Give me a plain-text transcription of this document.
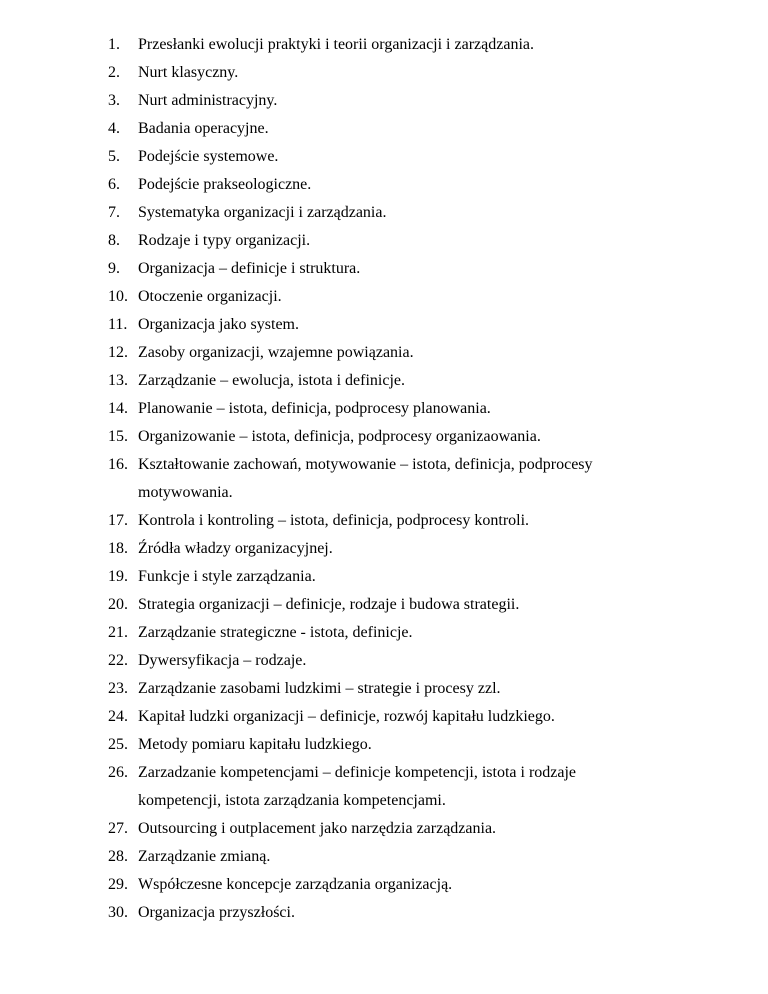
1. Przesłanki ewolucji praktyki i teorii organizacji i zarządzania.
2. Nurt klasyczny.
3. Nurt administracyjny.
4. Badania operacyjne.
5. Podejście systemowe.
6. Podejście prakseologiczne.
7. Systematyka organizacji i zarządzania.
8. Rodzaje i typy organizacji.
9. Organizacja – definicje i struktura.
10. Otoczenie organizacji.
11. Organizacja jako system.
12. Zasoby organizacji, wzajemne powiązania.
13. Zarządzanie – ewolucja, istota i definicje.
14. Planowanie – istota, definicja, podprocesy planowania.
15. Organizowanie – istota, definicja, podprocesy organizaowania.
16. Kształtowanie zachowań, motywowanie – istota, definicja, podprocesy
motywowania.
17. Kontrola i kontroling – istota, definicja, podprocesy kontroli.
18. Źródła władzy organizacyjnej.
19. Funkcje i style zarządzania.
20. Strategia organizacji – definicje, rodzaje i budowa strategii.
21. Zarządzanie strategiczne - istota, definicje.
22. Dywersyfikacja – rodzaje.
23. Zarządzanie zasobami ludzkimi – strategie i procesy zzl.
24. Kapitał ludzki organizacji – definicje, rozwój kapitału ludzkiego.
25. Metody pomiaru kapitału ludzkiego.
26. Zarzadzanie kompetencjami – definicje kompetencji, istota i rodzaje
kompetencji, istota zarządzania kompetencjami.
27. Outsourcing i outplacement jako narzędzia zarządzania.
28. Zarządzanie zmianą.
29. Współczesne koncepcje zarządzania organizacją.
30. Organizacja przyszłości.
